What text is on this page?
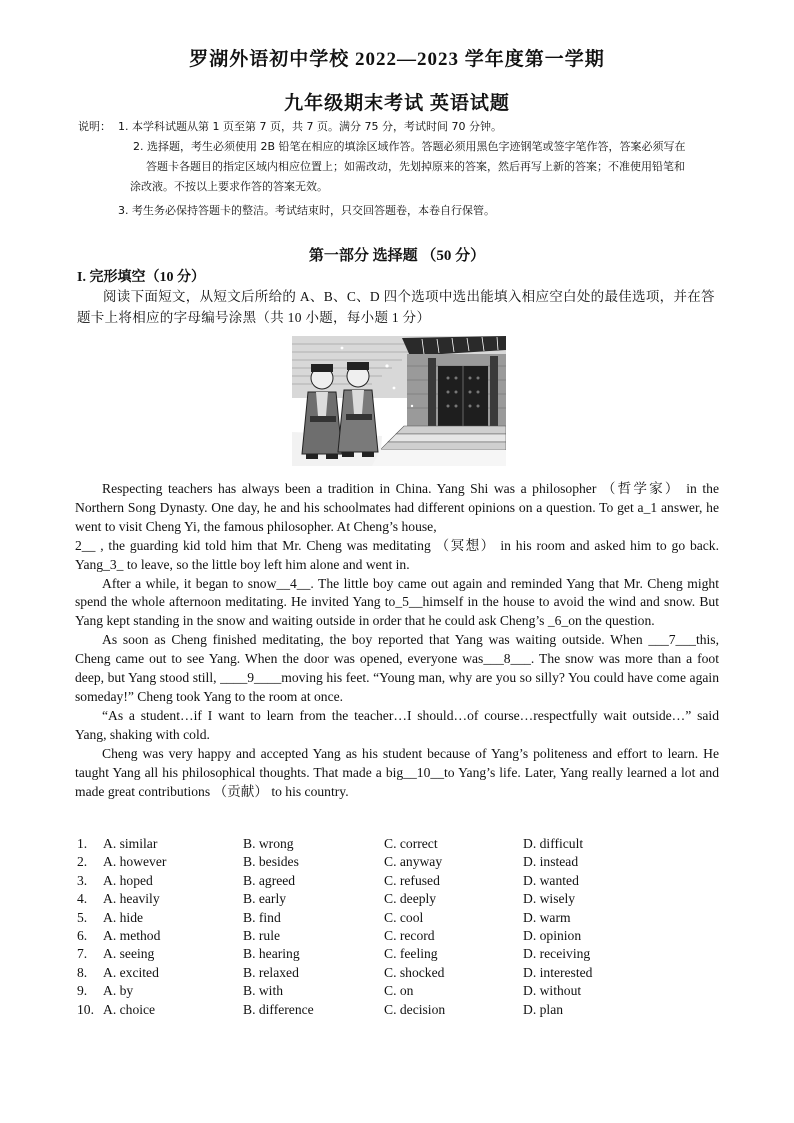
罗湖外语初中学校 2022—2023 学年度第一学期
九年级期末考试 英语试题
说明： 1. 本学科试题从第 1 页至第 7 页，共 7 页。满分 75 分，考试时间 70 分钟。
2. 选择题，考生必须使用 2B 铅笔在相应的填涂区域作答。答题必须用黑色字迹钢笔或签字笔作答，答案必须写在
答题卡各题目的指定区域内相应位置上；如需改动，先划掉原来的答案，然后再写上新的答案；不准使用铅笔和
涂改液。不按以上要求作答的答案无效。
3. 考生务必保持答题卡的整洁。考试结束时，只交回答题卷，本卷自行保管。
第一部分 选择题 （50 分）
I. 完形填空（10 分）
阅读下面短文，从短文后所给的 A、B、C、D 四个选项中选出能填入相应空白处的最佳选项，并在答题卡上将相应的字母编号涂黑（共 10 小题，每小题 1 分）

Respecting teachers has always been a tradition in China. Yang Shi was a philosopher （哲学家） in the Northern Song Dynasty. One day, he and his schoolmates had different opinions on a question. To get a_1 answer, he went to visit Cheng Yi, the famous philosopher. At Cheng’s house,

2__ , the guarding kid told him that Mr. Cheng was meditating （冥想） in his room and asked him to go back. Yang_3_ to leave, so the little boy left him alone and went in.

After a while, it began to snow__4__. The little boy came out again and reminded Yang that Mr. Cheng might spend the whole afternoon meditating. He invited Yang to_5__himself in the house to avoid the wind and snow. But Yang kept standing in the snow and waiting outside in order that he could ask Cheng’s _6_on the question.

As soon as Cheng finished meditating, the boy reported that Yang was waiting outside. When ___7___this, Cheng came out to see Yang. When the door was opened, everyone was___8___. The snow was more than a foot deep, but Yang stood still, ____9____moving his feet. “Young man, why are you so silly? You could have come again someday!” Cheng took Yang to the room at once.

“As a student…if I want to learn from the teacher…I should…of course…respectfully wait outside…” said Yang, shaking with cold.

Cheng was very happy and accepted Yang as his student because of Yang’s politeness and effort to learn. He taught Yang all his philosophical thoughts. That made a big__10__to Yang’s life. Later, Yang really learned a lot and made great contributions （贡献） to his country.

1. A. similar	B. wrong	C. correct	D. difficult
2. A. however	B. besides	C. anyway	D. instead
3. A. hoped	B. agreed	C. refused	D. wanted
4. A. heavily	B. early	C. deeply	D. wisely
5. A. hide	B. find	C. cool	D. warm
6. A. method	B. rule	C. record	D. opinion
7. A. seeing	B. hearing	C. feeling	D. receiving
8. A. excited	B. relaxed	C. shocked	D. interested
9. A. by	B. with	C. on	D. without
10. A. choice	B. difference	C. decision	D. plan
